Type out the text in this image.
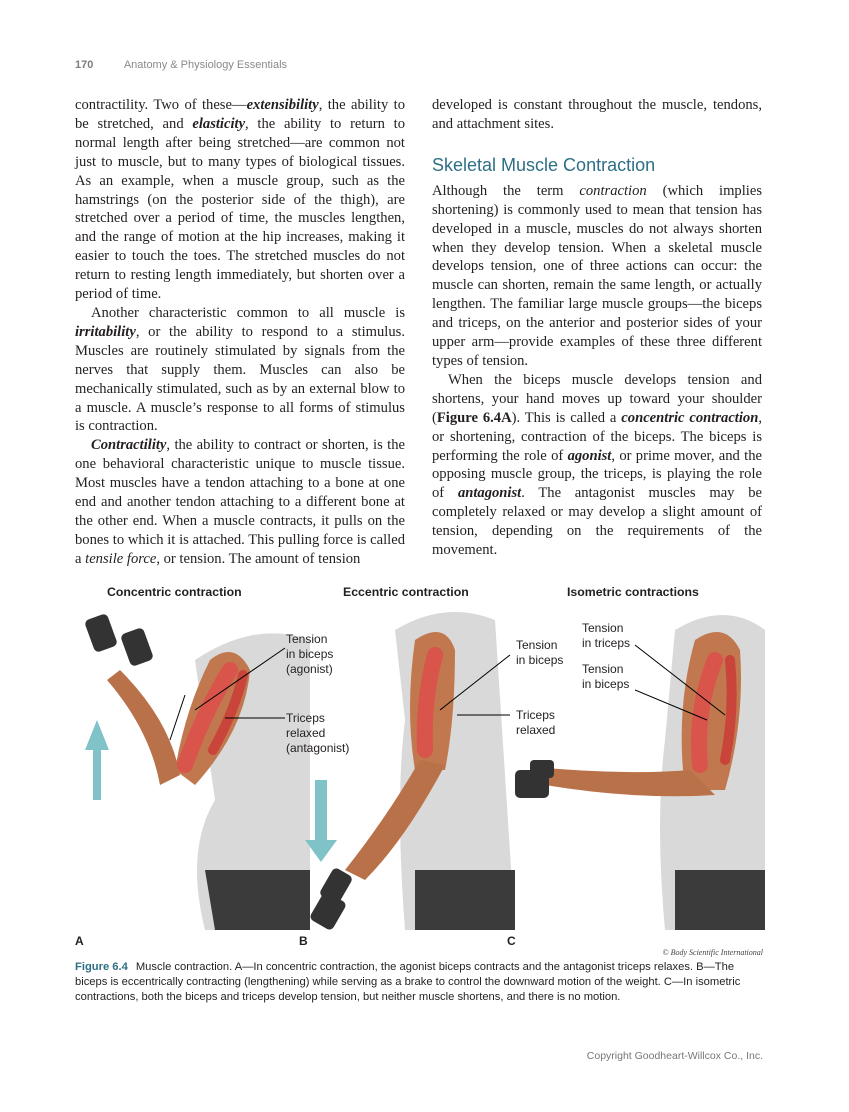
170	Anatomy & Physiology Essentials

contractility. Two of these—extensibility, the ability to be stretched, and elasticity, the ability to return to normal length after being stretched—are common not just to muscle, but to many types of biological tissues. As an example, when a muscle group, such as the hamstrings (on the posterior side of the thigh), are stretched over a period of time, the muscles lengthen, and the range of motion at the hip increases, making it easier to touch the toes. The stretched muscles do not return to resting length immediately, but shorten over a period of time.

Another characteristic common to all muscle is irritability, or the ability to respond to a stimulus. Muscles are routinely stimulated by signals from the nerves that supply them. Muscles can also be mechanically stimulated, such as by an external blow to a muscle. A muscle’s response to all forms of stimulus is contraction.

Contractility, the ability to contract or shorten, is the one behavioral characteristic unique to muscle tissue. Most muscles have a tendon attaching to a bone at one end and another tendon attaching to a different bone at the other end. When a muscle contracts, it pulls on the bones to which it is attached. This pulling force is called a tensile force, or tension. The amount of tension

developed is constant throughout the muscle, tendons, and attachment sites.

Skeletal Muscle Contraction

Although the term contraction (which implies shortening) is commonly used to mean that tension has developed in a muscle, muscles do not always shorten when they develop tension. When a skeletal muscle develops tension, one of three actions can occur: the muscle can shorten, remain the same length, or actually lengthen. The familiar large muscle groups—the biceps and triceps, on the anterior and posterior sides of your upper arm—provide examples of these three different types of tension.

When the biceps muscle develops tension and shortens, your hand moves up toward your shoulder (Figure 6.4A). This is called a concentric contraction, or shortening, contraction of the biceps. The biceps is performing the role of agonist, or prime mover, and the opposing muscle group, the triceps, is playing the role of antagonist. The antagonist muscles may be completely relaxed or may develop a slight amount of tension, depending on the requirements of the movement.

Concentric contraction	Eccentric contraction	Isometric contractions
Tension
in biceps
(agonist)
Triceps
relaxed
(antagonist)
Tension
in biceps
Triceps
relaxed
Tension
in triceps
Tension
in biceps
A	B	C
© Body Scientific International
Figure 6.4 Muscle contraction. A—In concentric contraction, the agonist biceps contracts and the antagonist triceps relaxes. B—The biceps is eccentrically contracting (lengthening) while serving as a brake to control the downward motion of the weight. C—In isometric contractions, both the biceps and triceps develop tension, but neither muscle shortens, and there is no motion.
Copyright Goodheart-Willcox Co., Inc.
